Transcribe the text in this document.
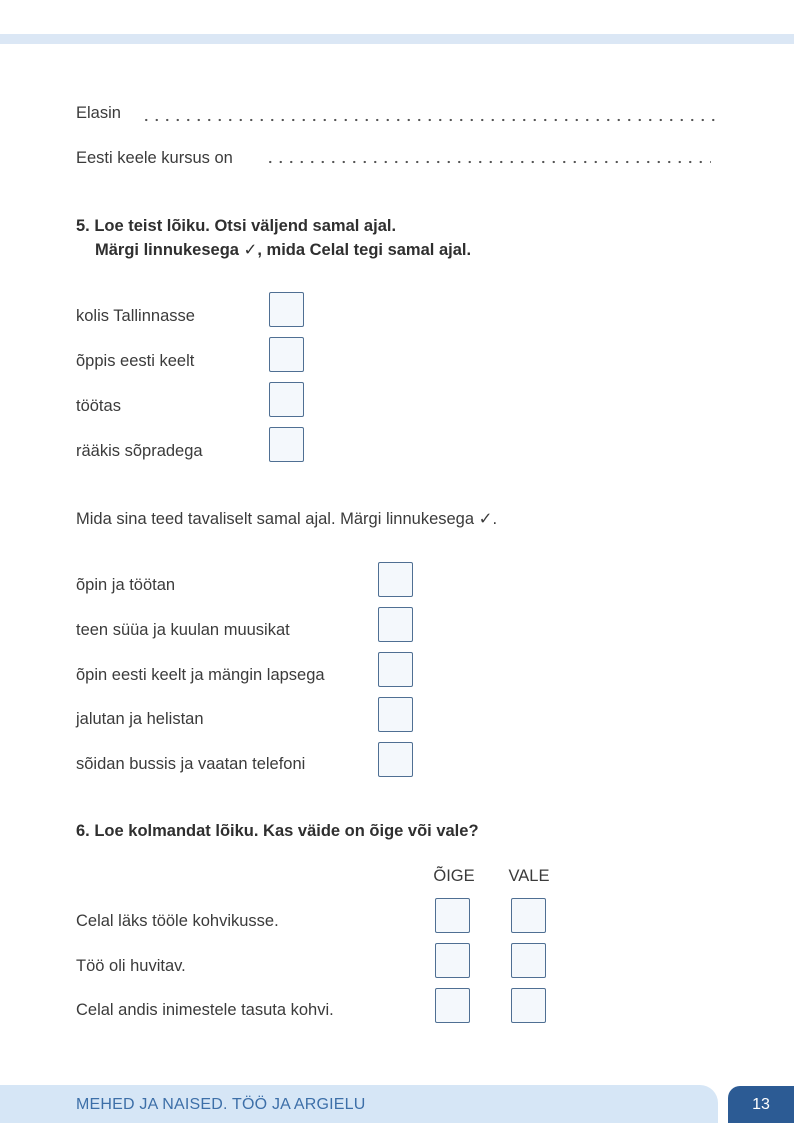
Elasin
Eesti keele kursus on
5. Loe teist lõiku. Otsi väljend samal ajal.
Märgi linnukesega ✓, mida Celal tegi samal ajal.
kolis Tallinnasse
õppis eesti keelt
töötas
rääkis sõpradega
Mida sina teed tavaliselt samal ajal. Märgi linnukesega ✓.
õpin ja töötan
teen süüa ja kuulan muusikat
õpin eesti keelt ja mängin lapsega
jalutan ja helistan
sõidan bussis ja vaatan telefoni
6. Loe kolmandat lõiku. Kas väide on õige või vale?
ÕIGE	VALE
Celal läks tööle kohvikusse.
Töö oli huvitav.
Celal andis inimestele tasuta kohvi.
MEHED JA NAISED. TÖÖ JA ARGIELU	13
